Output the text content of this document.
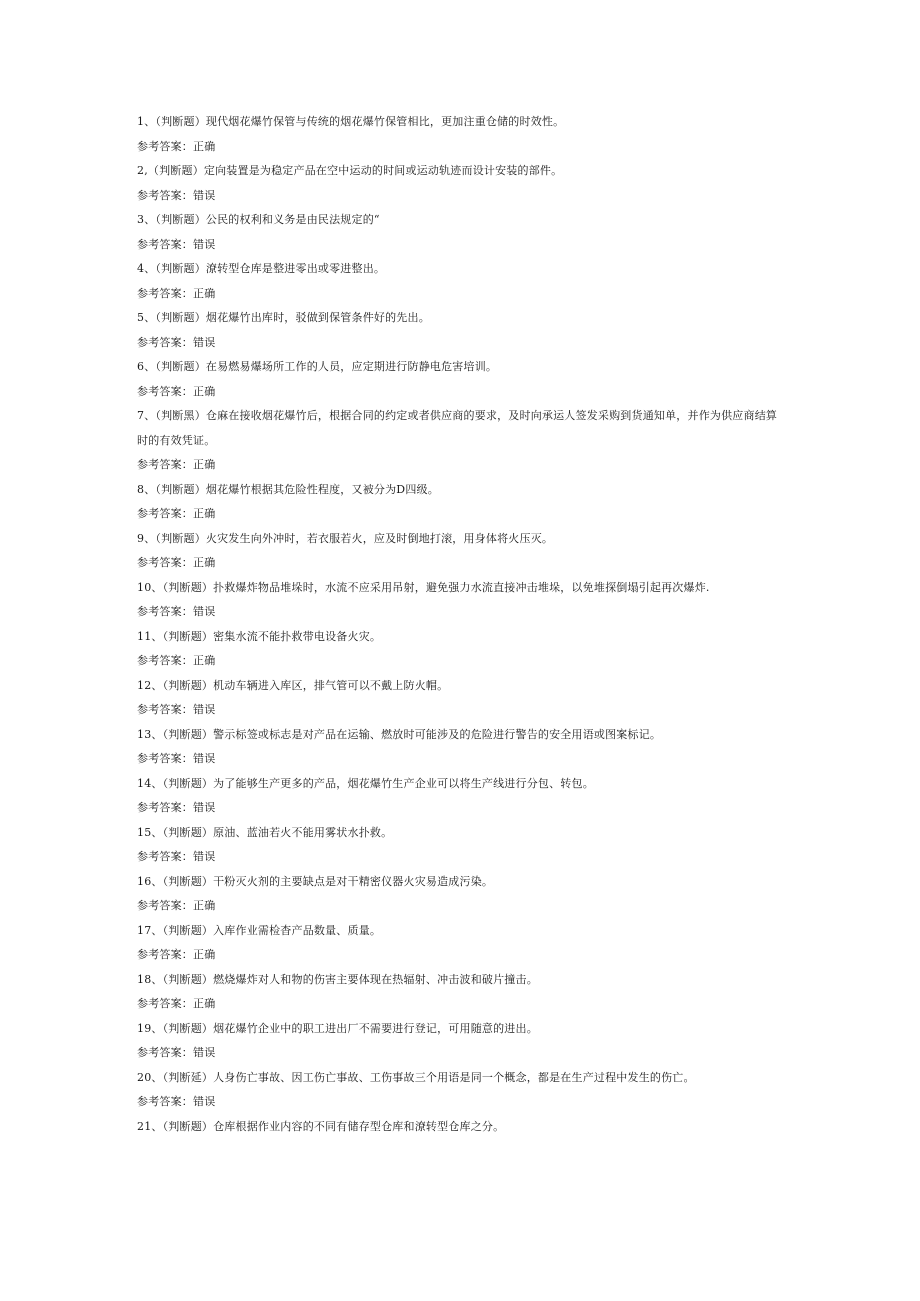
1、（判断题）现代烟花爆竹保管与传统的烟花爆竹保管相比，更加注重仓储的时效性。
参考答案：正确
2,（判断题）定向装置是为稳定产品在空中运动的时间或运动轨迹而设计安装的部件。
参考答案：错误
3、（判断题）公民的权利和义务是由民法规定的“
参考答案：错误
4、（判断题）潦转型仓库是整进零出或零进整出。
参考答案：正确
5、（判断题）烟花爆竹出库时，驳做到保管条件好的先出。
参考答案：错误
6、（判断题）在易燃易爆场所工作的人员，应定期进行防静电危害培训。
参考答案：正确
7、（判断黑）仓麻在接收烟花爆竹后，根据合同的约定或者供应商的要求，及时向承运人签发采购到货通知单，并作为供应商结算时的有效凭证。
参考答案：正确
8、（判断题）烟花爆竹根据其危险性程度，又被分为D四级。
参考答案：正确
9、（判断题）火灾发生向外冲时，若衣服若火，应及时倒地打滚，用身体将火压灭。
参考答案：正确
10、（判断题）扑救爆炸物品堆垛时，水流不应采用吊射，避免强力水流直接冲击堆垛，以免堆探倒塌引起再次爆炸.
参考答案：错误
11、（判断题）密集水流不能扑救带电设备火灾。
参考答案：正确
12、（判断题）机动车辆进入库区，排气管可以不戴上防火帽。
参考答案：错误
13、（判断题）警示标签或标志是对产品在运输、燃放时可能涉及的危险进行警告的安全用语或图案标记。
参考答案：错误
14、（判断题）为了能够生产更多的产品，烟花爆竹生产企业可以将生产线进行分包、转包。
参考答案：错误
15、（判断题）原油、蓝油若火不能用雾状水扑救。
参考答案：错误
16、（判断题）干粉灭火剂的主要缺点是对干精密仪器火灾易造成污染。
参考答案：正确
17、（判断题）入库作业需检杳产品数量、质量。
参考答案：正确
18、（判断题）燃烧爆炸对人和物的伤害主要体现在热辐射、冲击波和破片撞击。
参考答案：正确
19、（判断题）烟花爆竹企业中的职工进出厂不需要进行登记，可用随意的进出。
参考答案：错误
20、（判断延）人身伤亡事故、因工伤亡事故、工伤事故三个用语是同一个概念，都是在生产过程中发生的伤亡。
参考答案：错误
21、（判断题）仓库根据作业内容的不同有储存型仓库和潦转型仓库之分。
